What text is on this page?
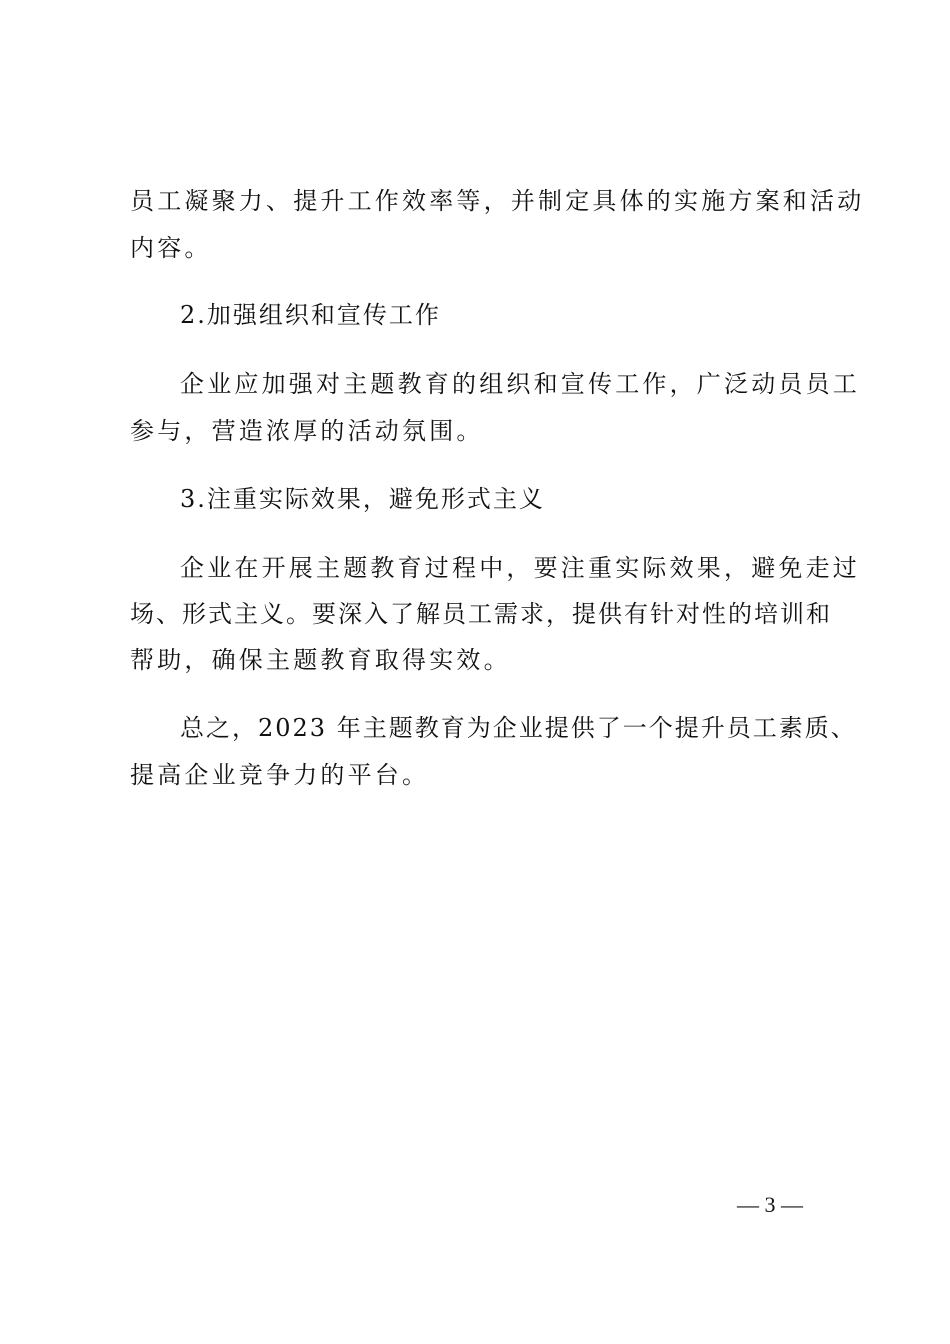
员工凝聚力、提升工作效率等，并制定具体的实施方案和活动
内容。
2.加强组织和宣传工作
企业应加强对主题教育的组织和宣传工作，广泛动员员工
参与，营造浓厚的活动氛围。
3.注重实际效果，避免形式主义
企业在开展主题教育过程中，要注重实际效果，避免走过
场、形式主义。要深入了解员工需求，提供有针对性的培训和
帮助，确保主题教育取得实效。
总之，2023 年主题教育为企业提供了一个提升员工素质、
提高企业竞争力的平台。
— 3 —
